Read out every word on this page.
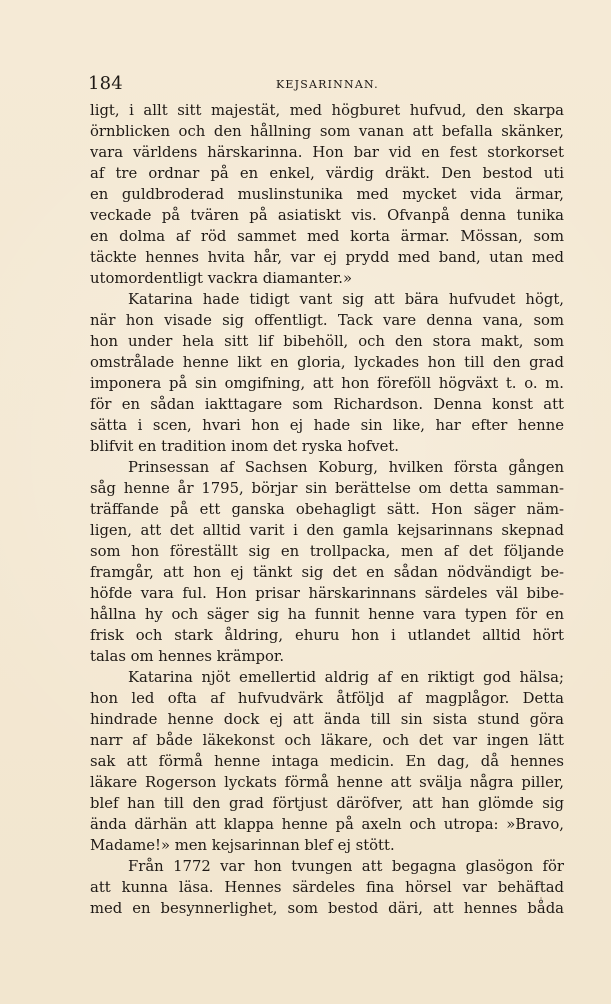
184	KEJSARINNAN.
ligt, i allt sitt majestät, med högburet hufvud, den skarpa
örnblicken och den hållning som vanan att befalla skänker,
vara världens härskarinna. Hon bar vid en fest storkorset
af tre ordnar på en enkel, värdig dräkt. Den bestod uti
en guldbroderad muslinstunika med mycket vida ärmar,
veckade på tvären på asiatiskt vis. Ofvanpå denna tunika
en dolma af röd sammet med korta ärmar. Mössan, som
täckte hennes hvita hår, var ej prydd med band, utan med
utomordentligt vackra diamanter.»
Katarina hade tidigt vant sig att bära hufvudet högt,
när hon visade sig offentligt. Tack vare denna vana, som
hon under hela sitt lif bibehöll, och den stora makt, som
omstrålade henne likt en gloria, lyckades hon till den grad
imponera på sin omgifning, att hon föreföll högväxt t. o. m.
för en sådan iakttagare som Richardson. Denna konst att
sätta i scen, hvari hon ej hade sin like, har efter henne
blifvit en tradition inom det ryska hofvet.
Prinsessan af Sachsen Koburg, hvilken första gången
såg henne år 1795, börjar sin berättelse om detta samman-
träffande på ett ganska obehagligt sätt. Hon säger näm-
ligen, att det alltid varit i den gamla kejsarinnans skepnad
som hon föreställt sig en trollpacka, men af det följande
framgår, att hon ej tänkt sig det en sådan nödvändigt be-
höfde vara ful. Hon prisar härskarinnans särdeles väl bibe-
hållna hy och säger sig ha funnit henne vara typen för en
frisk och stark åldring, ehuru hon i utlandet alltid hört
talas om hennes krämpor.
Katarina njöt emellertid aldrig af en riktigt god hälsa;
hon led ofta af hufvudvärk åtföljd af magplågor. Detta
hindrade henne dock ej att ända till sin sista stund göra
narr af både läkekonst och läkare, och det var ingen lätt
sak att förmå henne intaga medicin. En dag, då hennes
läkare Rogerson lyckats förmå henne att svälja några piller,
blef han till den grad förtjust däröfver, att han glömde sig
ända därhän att klappa henne på axeln och utropa: »Bravo,
Madame!» men kejsarinnan blef ej stött.
Från 1772 var hon tvungen att begagna glasögon för
att kunna läsa. Hennes särdeles fina hörsel var behäftad
med en besynnerlighet, som bestod däri, att hennes båda
